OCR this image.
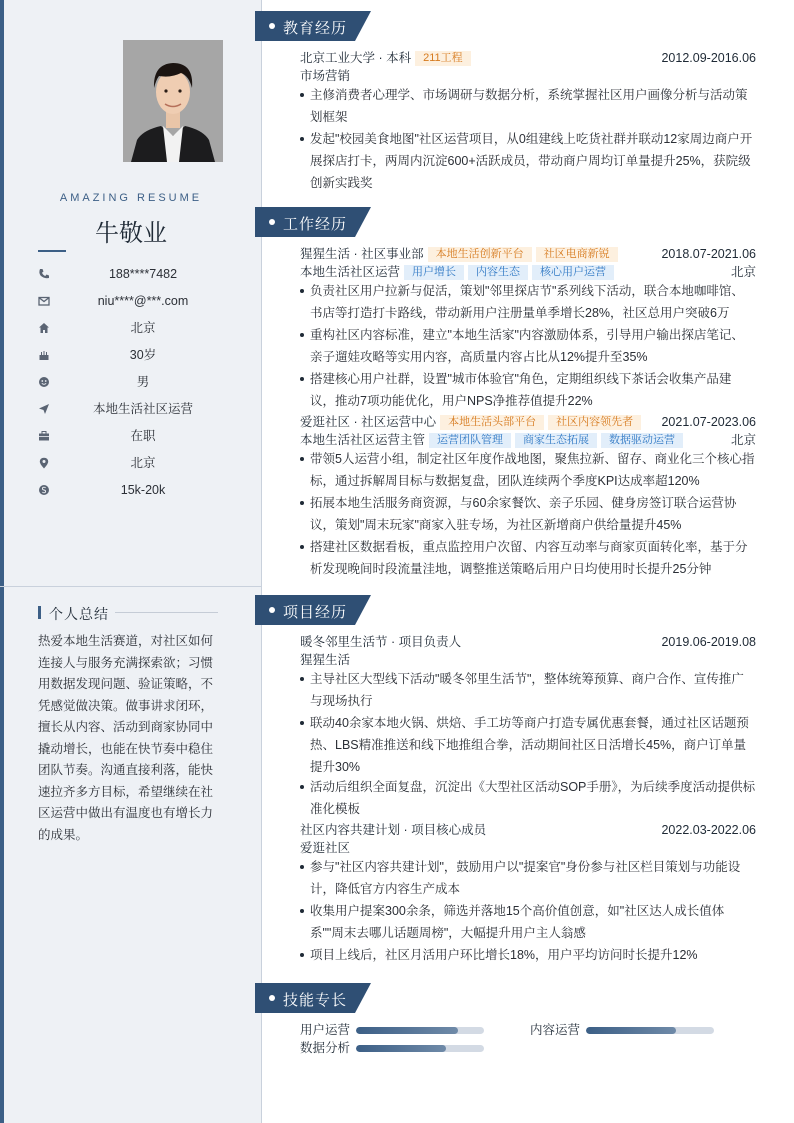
AMAZING RESUME
牛敬业
188****7482
niu****@***.com
北京
30岁
男
本地生活社区运营
在职
北京
15k-20k
个人总结
热爱本地生活赛道，对社区如何连接人与服务充满探索欲；习惯用数据发现问题、验证策略，不凭感觉做决策。做事讲求闭环，擅长从内容、活动到商家协同中撬动增长，也能在快节奏中稳住团队节奏。沟通直接利落，能快速拉齐多方目标，希望继续在社区运营中做出有温度也有增长力的成果。
教育经历
北京工业大学 · 本科 211工程	2012.09-2016.06
市场营销
主修消费者心理学、市场调研与数据分析，系统掌握社区用户画像分析与活动策划框架
发起"校园美食地图"社区运营项目，从0组建线上吃货社群并联动12家周边商户开展探店打卡，两周内沉淀600+活跃成员，带动商户周均订单量提升25%，获院级创新实践奖
工作经历
猩猩生活 · 社区事业部 本地生活创新平台 社区电商新锐	2018.07-2021.06
本地生活社区运营 用户增长 内容生态 核心用户运营	北京
负责社区用户拉新与促活，策划"邻里探店节"系列线下活动，联合本地咖啡馆、书店等打造打卡路线，带动新用户注册量单季增长28%，社区总用户突破6万
重构社区内容标准，建立"本地生活家"内容激励体系，引导用户输出探店笔记、亲子遛娃攻略等实用内容，高质量内容占比从12%提升至35%
搭建核心用户社群，设置"城市体验官"角色，定期组织线下茶话会收集产品建议，推动7项功能优化，用户NPS净推荐值提升22%
爱逛社区 · 社区运营中心 本地生活头部平台 社区内容领先者	2021.07-2023.06
本地生活社区运营主管 运营团队管理 商家生态拓展 数据驱动运营	北京
带领5人运营小组，制定社区年度作战地图，聚焦拉新、留存、商业化三个核心指标，通过拆解周目标与数据复盘，团队连续两个季度KPI达成率超120%
拓展本地生活服务商资源，与60余家餐饮、亲子乐园、健身房签订联合运营协议，策划"周末玩家"商家入驻专场，为社区新增商户供给量提升45%
搭建社区数据看板，重点监控用户次留、内容互动率与商家页面转化率，基于分析发现晚间时段流量洼地，调整推送策略后用户日均使用时长提升25分钟
项目经历
暖冬邻里生活节 · 项目负责人	2019.06-2019.08
猩猩生活
主导社区大型线下活动"暖冬邻里生活节"，整体统筹预算、商户合作、宣传推广与现场执行
联动40余家本地火锅、烘焙、手工坊等商户打造专属优惠套餐，通过社区话题预热、LBS精准推送和线下地推组合拳，活动期间社区日活增长45%，商户订单量提升30%
活动后组织全面复盘，沉淀出《大型社区活动SOP手册》，为后续季度活动提供标准化模板
社区内容共建计划 · 项目核心成员	2022.03-2022.06
爱逛社区
参与"社区内容共建计划"，鼓励用户以"提案官"身份参与社区栏目策划与功能设计，降低官方内容生产成本
收集用户提案300余条，筛选并落地15个高价值创意，如"社区达人成长值体系""周末去哪儿话题周榜"，大幅提升用户主人翁感
项目上线后，社区月活用户环比增长18%，用户平均访问时长提升12%
技能专长
用户运营	内容运营
数据分析
